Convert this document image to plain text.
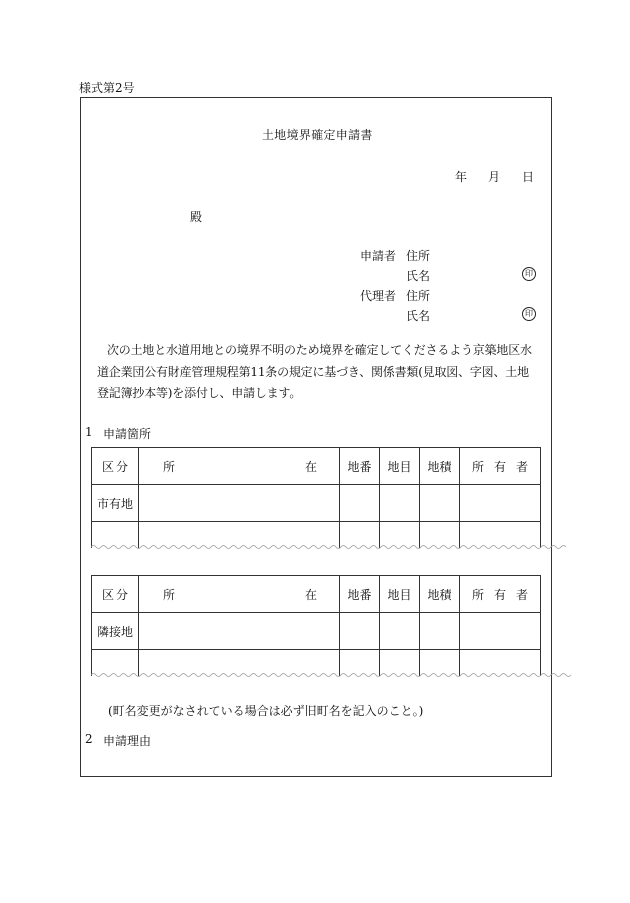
様式第2号
土地境界確定申請書
年 月 日
殿
申請者 住所
氏名	印
代理者 住所
氏名	印
次の土地と水道用地との境界不明のため境界を確定してくださるよう京築地区水道企業団公有財産管理規程第11条の規定に基づき、関係書類(見取図、字図、土地登記簿抄本等)を添付し、申請します。
1 申請箇所
区 分	所 在	地番	地目	地積	所 有 者

市有地					

区 分	所 在	地番	地目	地積	所 有 者

隣接地					

(町名変更がなされている場合は必ず旧町名を記入のこと。)
2 申請理由
